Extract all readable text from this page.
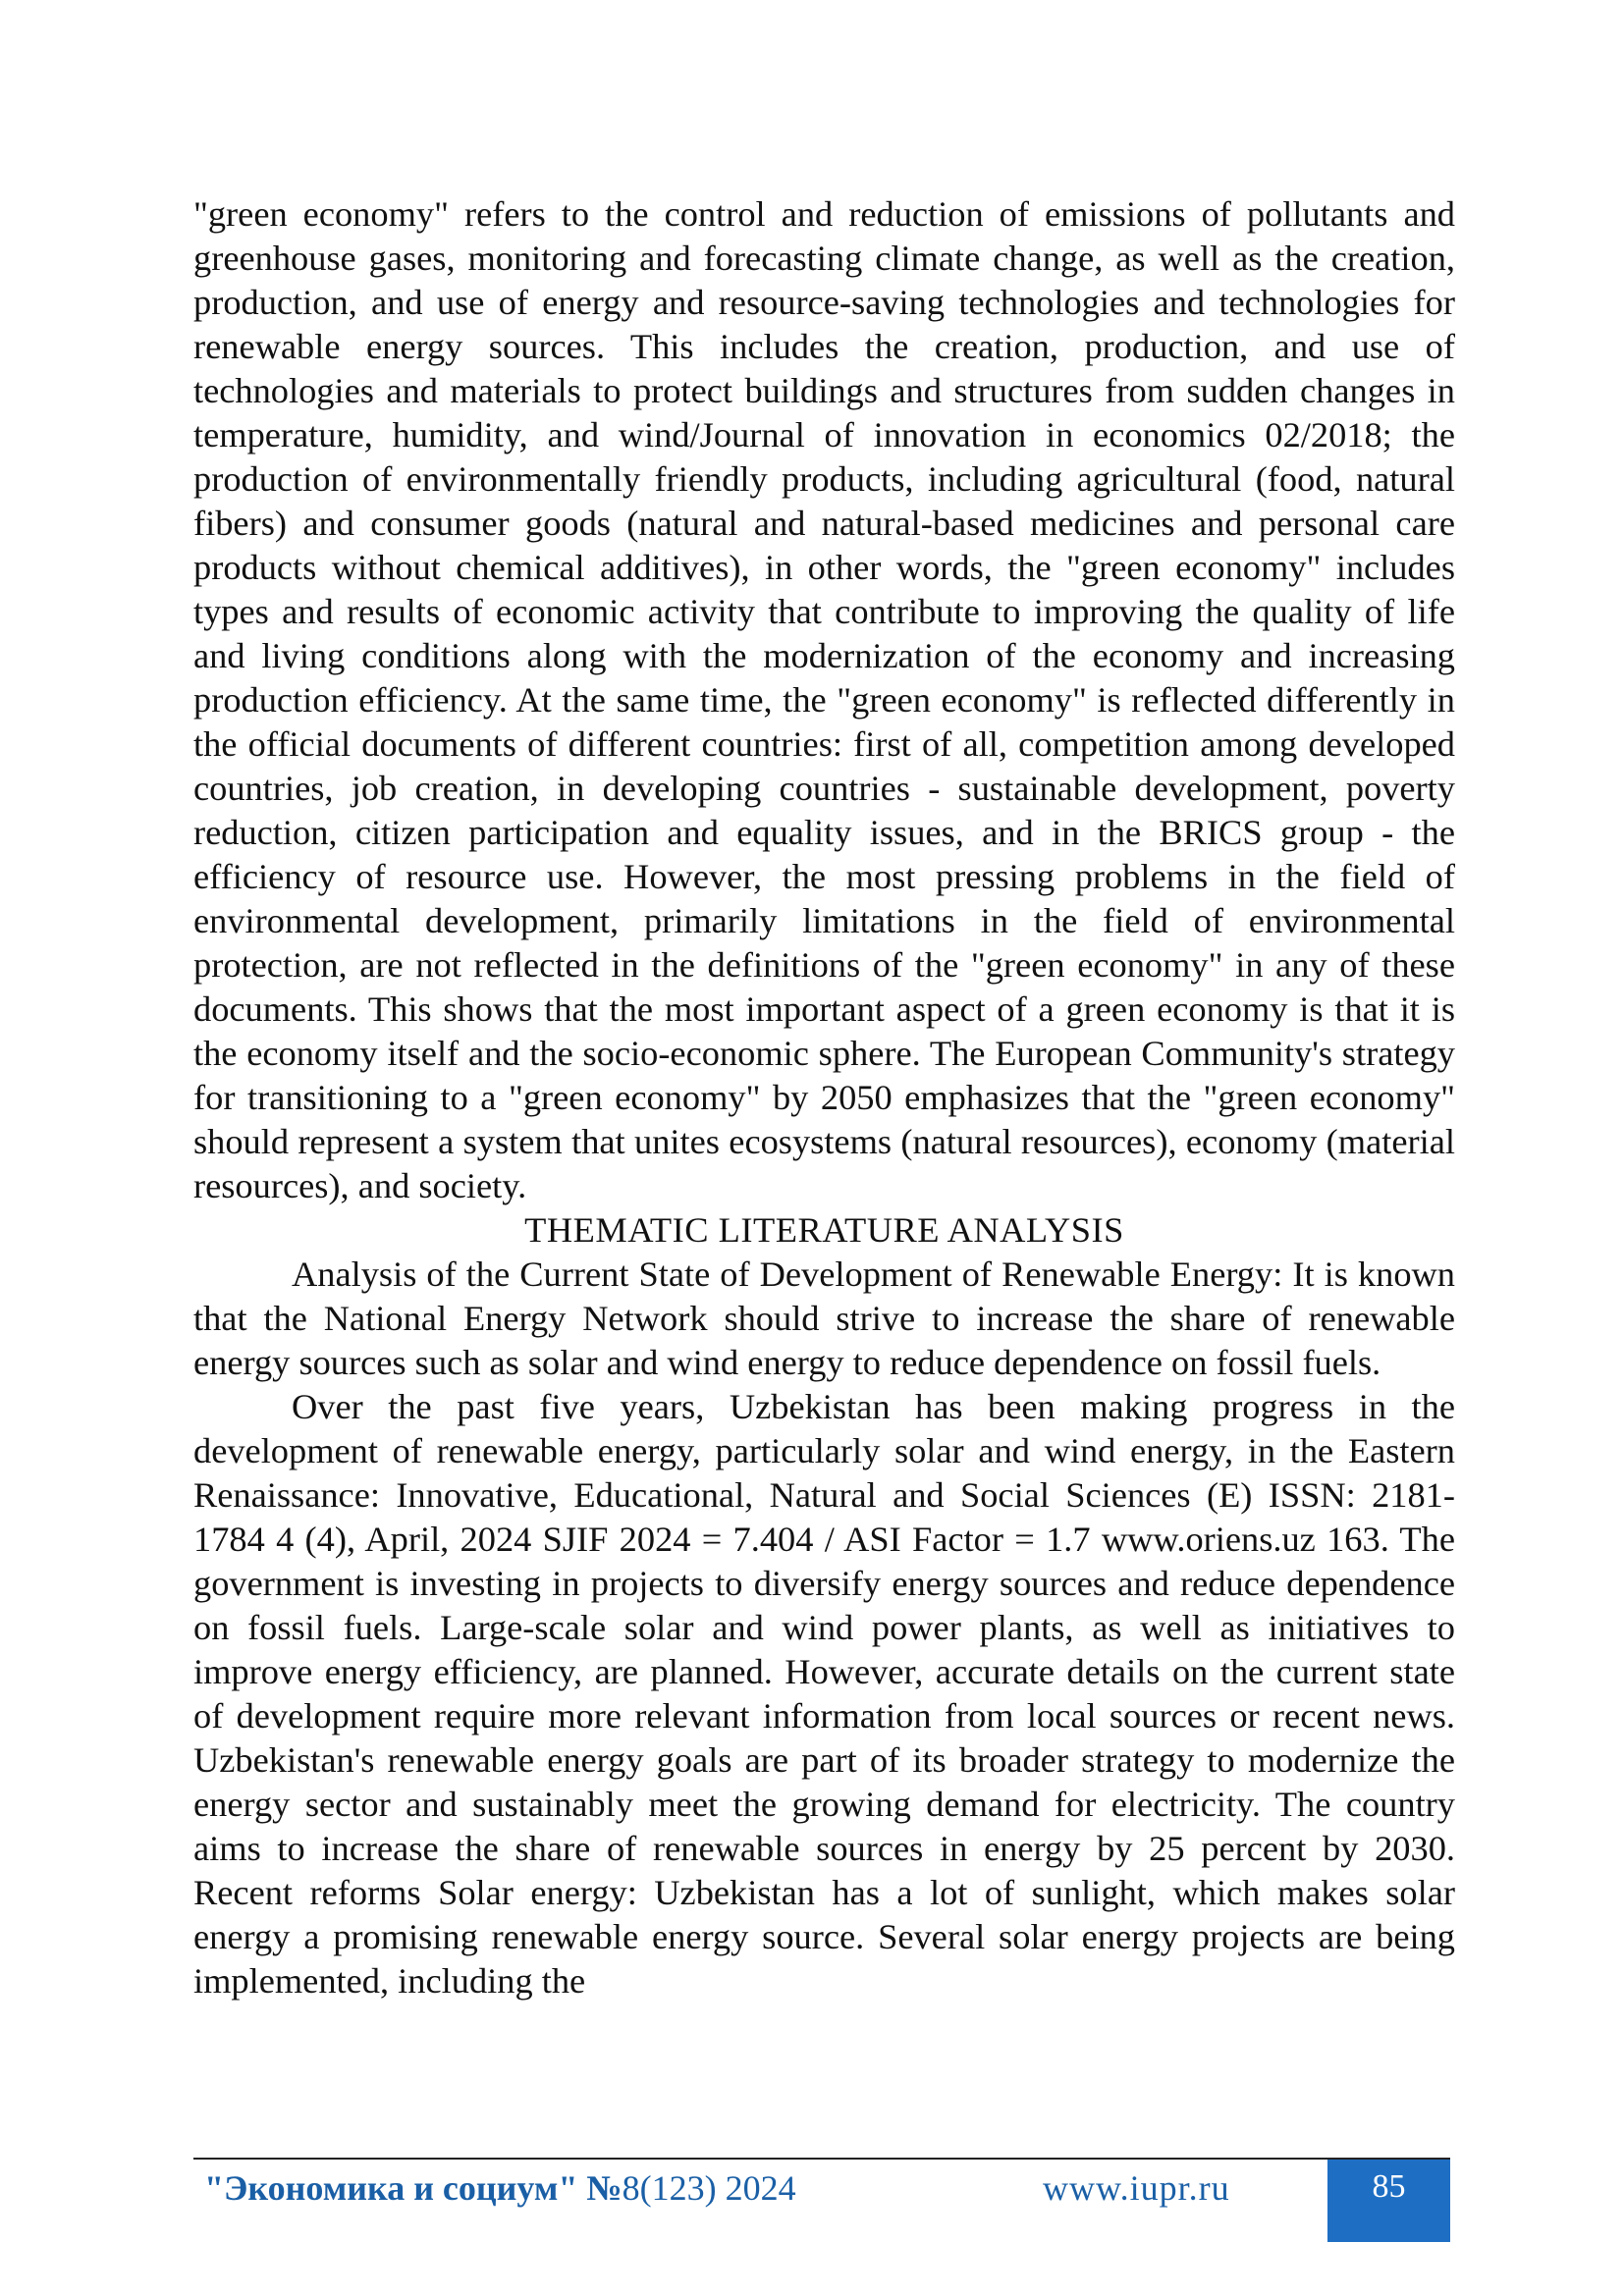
"green economy" refers to the control and reduction of emissions of pollutants and greenhouse gases, monitoring and forecasting climate change, as well as the creation, production, and use of energy and resource-saving technologies and technologies for renewable energy sources. This includes the creation, production, and use of technologies and materials to protect buildings and structures from sudden changes in temperature, humidity, and wind/Journal of innovation in economics 02/2018; the production of environmentally friendly products, including agricultural (food, natural fibers) and consumer goods (natural and natural-based medicines and personal care products without chemical additives), in other words, the "green economy" includes types and results of economic activity that contribute to improving the quality of life and living conditions along with the modernization of the economy and increasing production efficiency. At the same time, the "green economy" is reflected differently in the official documents of different countries: first of all, competition among developed countries, job creation, in developing countries - sustainable development, poverty reduction, citizen participation and equality issues, and in the BRICS group - the efficiency of resource use. However, the most pressing problems in the field of environmental development, primarily limitations in the field of environmental protection, are not reflected in the definitions of the "green economy" in any of these documents. This shows that the most important aspect of a green economy is that it is the economy itself and the socio-economic sphere. The European Community's strategy for transitioning to a "green economy" by 2050 emphasizes that the "green economy" should represent a system that unites ecosystems (natural resources), economy (material resources), and society.

THEMATIC LITERATURE ANALYSIS

Analysis of the Current State of Development of Renewable Energy: It is known that the National Energy Network should strive to increase the share of renewable energy sources such as solar and wind energy to reduce dependence on fossil fuels.

Over the past five years, Uzbekistan has been making progress in the development of renewable energy, particularly solar and wind energy, in the Eastern Renaissance: Innovative, Educational, Natural and Social Sciences (E) ISSN: 2181-1784 4 (4), April, 2024 SJIF 2024 = 7.404 / ASI Factor = 1.7 www.oriens.uz 163. The government is investing in projects to diversify energy sources and reduce dependence on fossil fuels. Large-scale solar and wind power plants, as well as initiatives to improve energy efficiency, are planned. However, accurate details on the current state of development require more relevant information from local sources or recent news. Uzbekistan's renewable energy goals are part of its broader strategy to modernize the energy sector and sustainably meet the growing demand for electricity. The country aims to increase the share of renewable sources in energy by 25 percent by 2030. Recent reforms Solar energy: Uzbekistan has a lot of sunlight, which makes solar energy a promising renewable energy source. Several solar energy projects are being implemented, including the

"Экономика и социум" №8(123) 2024	www.iupr.ru	85
